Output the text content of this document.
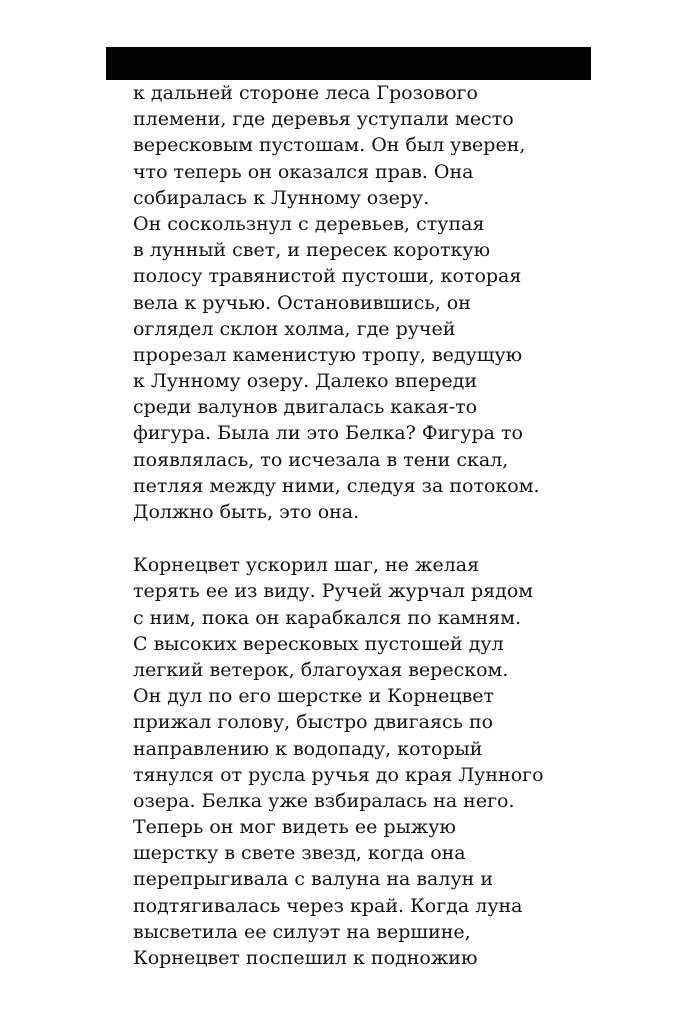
к дальней стороне леса Грозового
племени, где деревья уступали место
вересковым пустошам. Он был уверен,
что теперь он оказался прав. Она
собиралась к Лунному озеру.
Он соскользнул с деревьев, ступая
в лунный свет, и пересек короткую
полосу травянистой пустоши, которая
вела к ручью. Остановившись, он
оглядел склон холма, где ручей
прорезал каменистую тропу, ведущую
к Лунному озеру. Далеко впереди
среди валунов двигалась какая-то
фигура. Была ли это Белка? Фигура то
появлялась, то исчезала в тени скал,
петляя между ними, следуя за потоком.
Должно быть, это она.
Корнецвет ускорил шаг, не желая
терять ее из виду. Ручей журчал рядом
с ним, пока он карабкался по камням.
С высоких вересковых пустошей дул
легкий ветерок, благоухая вереском.
Он дул по его шерстке и Корнецвет
прижал голову, быстро двигаясь по
направлению к водопаду, который
тянулся от русла ручья до края Лунного
озера. Белка уже взбиралась на него.
Теперь он мог видеть ее рыжую
шерстку в свете звезд, когда она
перепрыгивала с валуна на валун и
подтягивалась через край. Когда луна
высветила ее силуэт на вершине,
Корнецвет поспешил к подножию
